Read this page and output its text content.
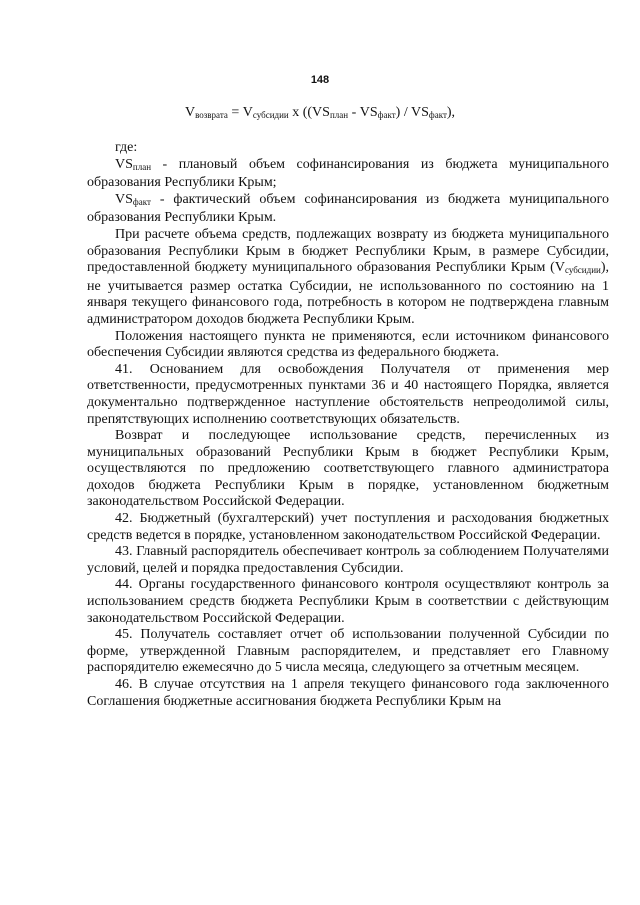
148
$V_{возврата} = V_{субсидии}$ x $((VS_{план} - VS_{факт}) / VS_{факт})$,

где:

$VS_{план}$ - плановый объем софинансирования из бюджета муниципального образования Республики Крым;

$VS_{факт}$ - фактический объем софинансирования из бюджета муниципального образования Республики Крым.

При расчете объема средств, подлежащих возврату из бюджета муниципального образования Республики Крым в бюджет Республики Крым, в размере Субсидии, предоставленной бюджету муниципального образования Республики Крым $(V_{субсидии})$, не учитывается размер остатка Субсидии, не использованного по состоянию на 1 января текущего финансового года, потребность в котором не подтверждена главным администратором доходов бюджета Республики Крым.

Положения настоящего пункта не применяются, если источником финансового обеспечения Субсидии являются средства из федерального бюджета.

41. Основанием для освобождения Получателя от применения мер ответственности, предусмотренных пунктами 36 и 40 настоящего Порядка, является документально подтвержденное наступление обстоятельств непреодолимой силы, препятствующих исполнению соответствующих обязательств.

Возврат и последующее использование средств, перечисленных из муниципальных образований Республики Крым в бюджет Республики Крым, осуществляются по предложению соответствующего главного администратора доходов бюджета Республики Крым в порядке, установленном бюджетным законодательством Российской Федерации.

42. Бюджетный (бухгалтерский) учет поступления и расходования бюджетных средств ведется в порядке, установленном законодательством Российской Федерации.

43. Главный распорядитель обеспечивает контроль за соблюдением Получателями условий, целей и порядка предоставления Субсидии.

44. Органы государственного финансового контроля осуществляют контроль за использованием средств бюджета Республики Крым в соответствии с действующим законодательством Российской Федерации.

45. Получатель составляет отчет об использовании полученной Субсидии по форме, утвержденной Главным распорядителем, и представляет его Главному распорядителю ежемесячно до 5 числа месяца, следующего за отчетным месяцем.

46. В случае отсутствия на 1 апреля текущего финансового года заключенного Соглашения бюджетные ассигнования бюджета Республики Крым на
